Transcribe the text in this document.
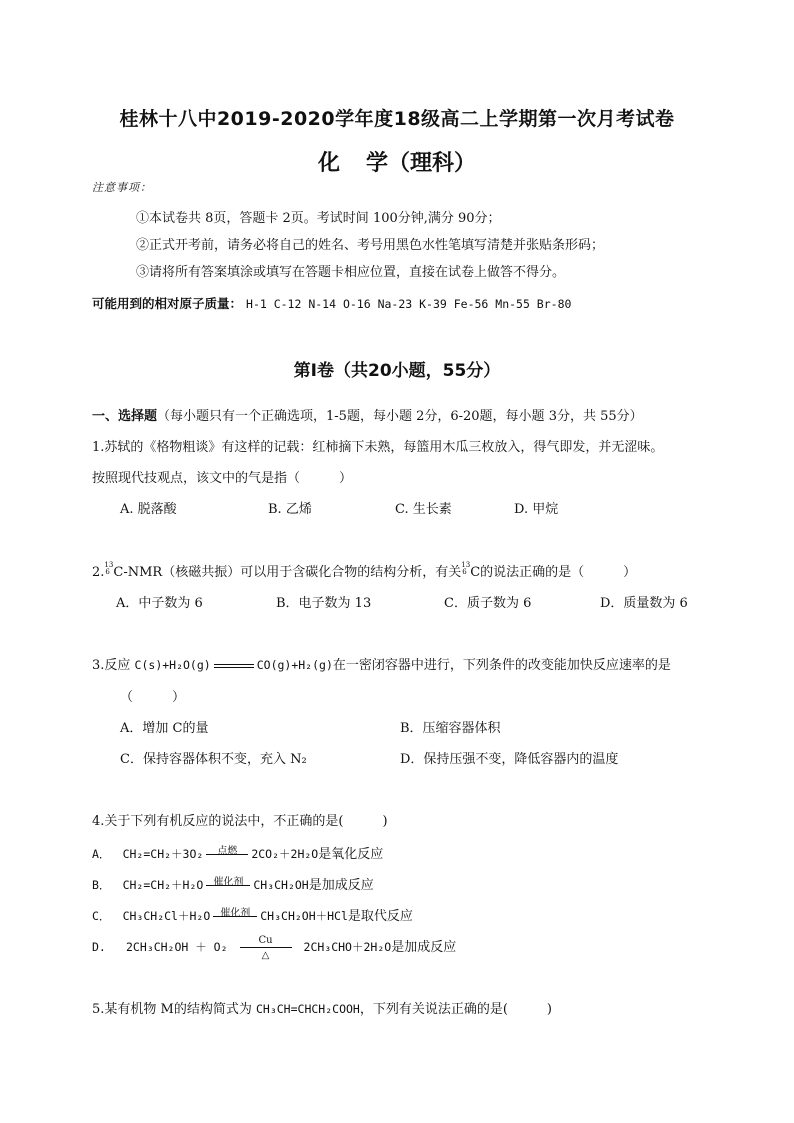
桂林十八中2019-2020学年度18级高二上学期第一次月考试卷
化 学（理科）
注意事项：
①本试卷共 8页，答题卡 2页。考试时间 100分钟,满分 90分；
②正式开考前，请务必将自己的姓名、考号用黑色水性笔填写清楚并张贴条形码；
③请将所有答案填涂或填写在答题卡相应位置，直接在试卷上做答不得分。
可能用到的相对原子质量： H-1 C-12 N-14 O-16 Na-23 K-39 Fe-56 Mn-55 Br-80
第Ⅰ卷（共20小题，55分）
一、选择题（每小题只有一个正确选项，1-5题，每小题 2分，6-20题，每小题 3分，共 55分）
1.苏轼的《格物粗谈》有这样的记载：红柿摘下未熟，每篮用木瓜三枚放入，得气即发，并无涩味。
按照现代技观点，该文中的气是指（　　　）
A. 脱落酸	B. 乙烯	C. 生长素	D. 甲烷
2. 13
6 C-NMR（核磁共振）可以用于含碳化合物的结构分析，有关 13
6 C的说法正确的是（　　　）
A．中子数为 6	B．电子数为 13	C．质子数为 6	D．质量数为 6
3.反应 C(s)+H₂O(g)	CO(g)+H₂(g)在一密闭容器中进行，下列条件的改变能加快反应速率的是
（　　　）
A．增加 C的量	B．压缩容器体积
C．保持容器体积不变，充入 N₂	D．保持压强不变，降低容器内的温度
4.关于下列有机反应的说法中，不正确的是(　　　)
A． CH₂=CH₂＋3O₂	点燃	2CO₂＋2H₂O是氧化反应
B． CH₂=CH₂＋H₂O	催化剂 CH₃CH₂OH是加成反应
C． CH₃CH₂Cl＋H₂O	催化剂 CH₃CH₂OH＋HCl是取代反应
D. 2CH₃CH₂OH ＋ O₂	Cu
△
2CH₃CHO＋2H₂O是加成反应
5.某有机物 M的结构简式为 CH₃CH=CHCH₂COOH，下列有关说法正确的是(　　　)
